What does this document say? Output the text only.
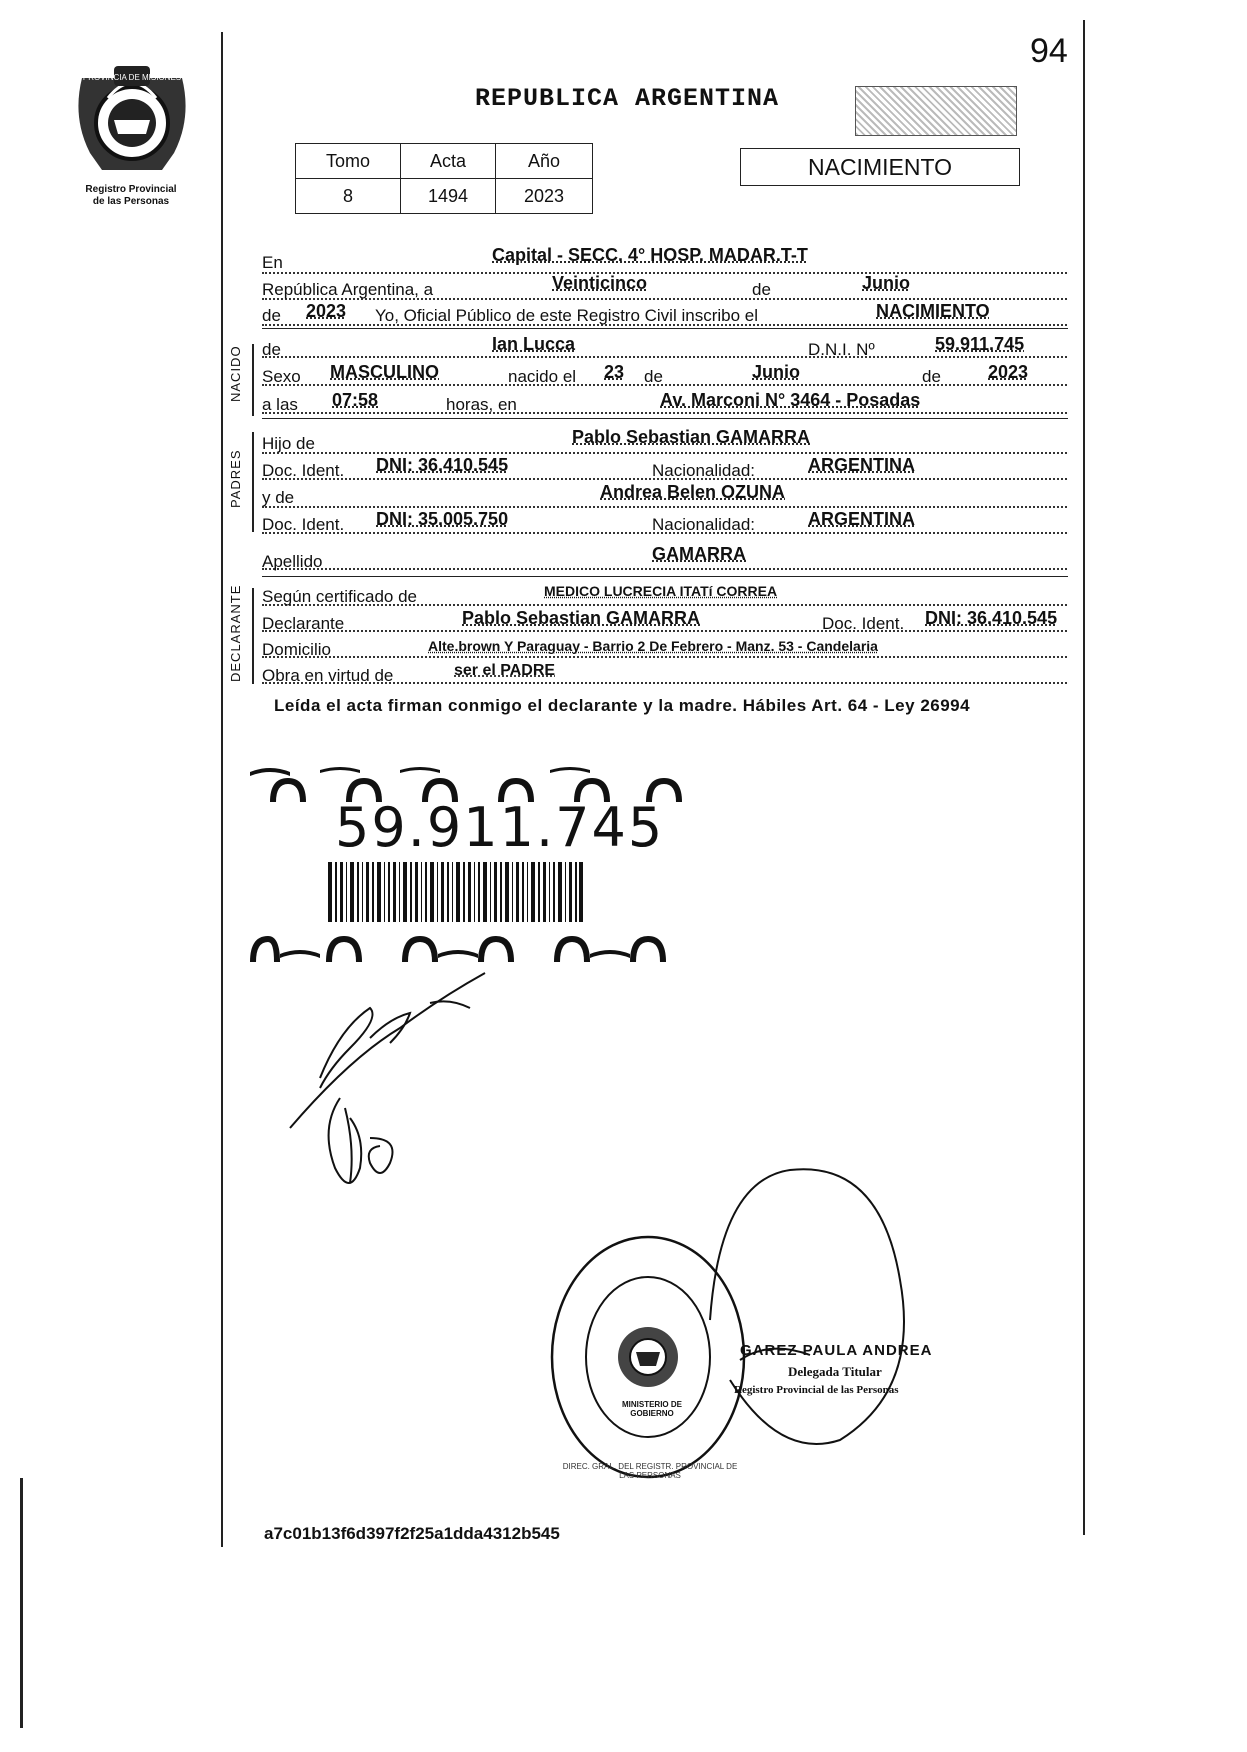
PROVINCIA DE MISIONES
Registro Provincial
de las Personas
94
REPUBLICA ARGENTINA
Tomo	Acta	Año
8	1494	2023
NACIMIENTO
En	Capital - SECC. 4° HOSP. MADAR.T-T
República Argentina, a	Veinticinco	de	Junio
de 2023 Yo, Oficial Público de este Registro Civil inscribo el	NACIMIENTO
NACIDO de	Ian Lucca	D.N.I. Nº	59.911.745
Sexo MASCULINO	nacido el 23 de	Junio	de	2023
a las 07:58	horas, en	Av. Marconi N° 3464 - Posadas
PADRES
Hijo de	Pablo Sebastian GAMARRA
Doc. Ident. DNI: 36.410.545	Nacionalidad:	ARGENTINA
y de	Andrea Belen OZUNA
Doc. Ident. DNI: 35.005.750	Nacionalidad:	ARGENTINA
Apellido	GAMARRA
DECLARANTE Según certificado de	MEDICO LUCRECIA ITATí CORREA
Declarante	Pablo Sebastian GAMARRA	Doc. Ident. DNI: 36.410.545
Domicilio	Alte.brown Y Paraguay - Barrio 2 De Febrero - Manz. 53 - Candelaria
Obra en virtud de	ser el PADRE
Leída el acta firman conmigo el declarante y la madre. Hábiles Art. 64 - Ley 26994
59.911.745
DIREC. GRAL. DEL REGISTR. PROVINCIAL DE LAS PERSONAS
MINISTERIO DE GOBIERNO
GAREZ PAULA ANDREA
Delegada Titular
Registro Provincial de las Personas
a7c01b13f6d397f2f25a1dda4312b545
